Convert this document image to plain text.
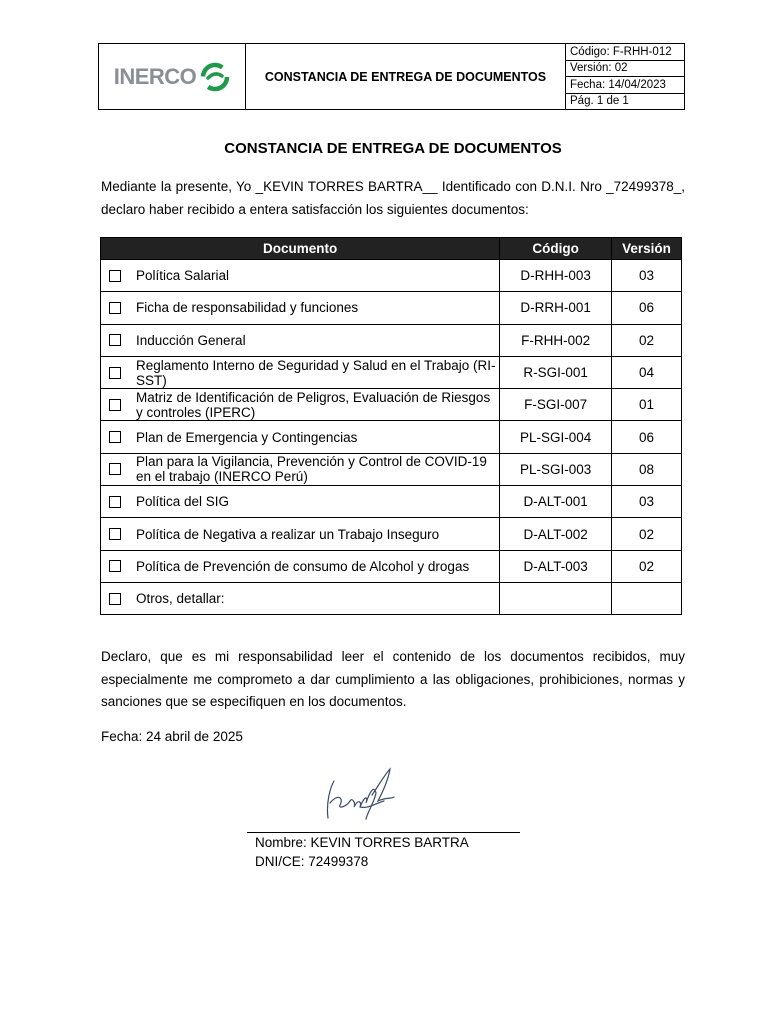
INERCO	CONSTANCIA DE ENTREGA DE DOCUMENTOS
Código: F-RHH-012
Versión: 02
Fecha: 14/04/2023
Pág. 1 de 1
CONSTANCIA DE ENTREGA DE DOCUMENTOS

Mediante la presente, Yo _KEVIN TORRES BARTRA__ Identificado con D.N.I. Nro _72499378_, declaro haber recibido a entera satisfacción los siguientes documentos:

Documento	Código	Versión

Política Salarial	D-RHH-003	03

Ficha de responsabilidad y funciones	D-RRH-001	06

Inducción General	F-RHH-002	02

Reglamento Interno de Seguridad y Salud en el Trabajo (RI-SST)	R-SGI-001	04

Matriz de Identificación de Peligros, Evaluación de Riesgos y controles (IPERC)	F-SGI-007	01

Plan de Emergencia y Contingencias	PL-SGI-004	06

Plan para la Vigilancia, Prevención y Control de COVID-19 en el trabajo (INERCO Perú)	PL-SGI-003	08

Política del SIG	D-ALT-001	03

Política de Negativa a realizar un Trabajo Inseguro	D-ALT-002	02

Política de Prevención de consumo de Alcohol y drogas	D-ALT-003	02

Otros, detallar:		

Declaro, que es mi responsabilidad leer el contenido de los documentos recibidos, muy especialmente me comprometo a dar cumplimiento a las obligaciones, prohibiciones, normas y sanciones que se especifiquen en los documentos.

Fecha: 24 abril de 2025
Nombre: KEVIN TORRES BARTRA
DNI/CE: 72499378
